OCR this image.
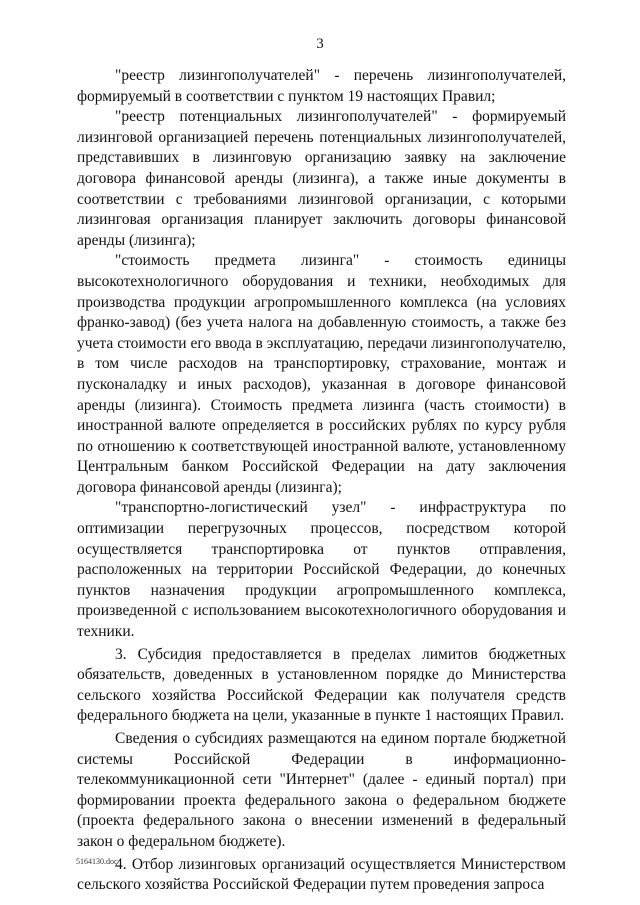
3

"реестр лизингополучателей" - перечень лизингополучателей, формируемый в соответствии с пунктом 19 настоящих Правил;

"реестр потенциальных лизингополучателей" - формируемый лизинговой организацией перечень потенциальных лизингополучателей, представивших в лизинговую организацию заявку на заключение договора финансовой аренды (лизинга), а также иные документы в соответствии с требованиями лизинговой организации, с которыми лизинговая организация планирует заключить договоры финансовой аренды (лизинга);

"стоимость предмета лизинга" - стоимость единицы высокотехнологичного оборудования и техники, необходимых для производства продукции агропромышленного комплекса (на условиях франко-завод) (без учета налога на добавленную стоимость, а также без учета стоимости его ввода в эксплуатацию, передачи лизингополучателю, в том числе расходов на транспортировку, страхование, монтаж и пусконаладку и иных расходов), указанная в договоре финансовой аренды (лизинга). Стоимость предмета лизинга (часть стоимости) в иностранной валюте определяется в российских рублях по курсу рубля по отношению к соответствующей иностранной валюте, установленному Центральным банком Российской Федерации на дату заключения договора финансовой аренды (лизинга);

"транспортно-логистический узел" - инфраструктура по оптимизации перегрузочных процессов, посредством которой осуществляется транспортировка от пунктов отправления, расположенных на территории Российской Федерации, до конечных пунктов назначения продукции агропромышленного комплекса, произведенной с использованием высокотехнологичного оборудования и техники.

3. Субсидия предоставляется в пределах лимитов бюджетных обязательств, доведенных в установленном порядке до Министерства сельского хозяйства Российской Федерации как получателя средств федерального бюджета на цели, указанные в пункте 1 настоящих Правил.

Сведения о субсидиях размещаются на едином портале бюджетной системы Российской Федерации в информационно-телекоммуникационной сети "Интернет" (далее - единый портал) при формировании проекта федерального закона о федеральном бюджете (проекта федерального закона о внесении изменений в федеральный закон о федеральном бюджете).

4. Отбор лизинговых организаций осуществляется Министерством сельского хозяйства Российской Федерации путем проведения запроса

5164130.doc
